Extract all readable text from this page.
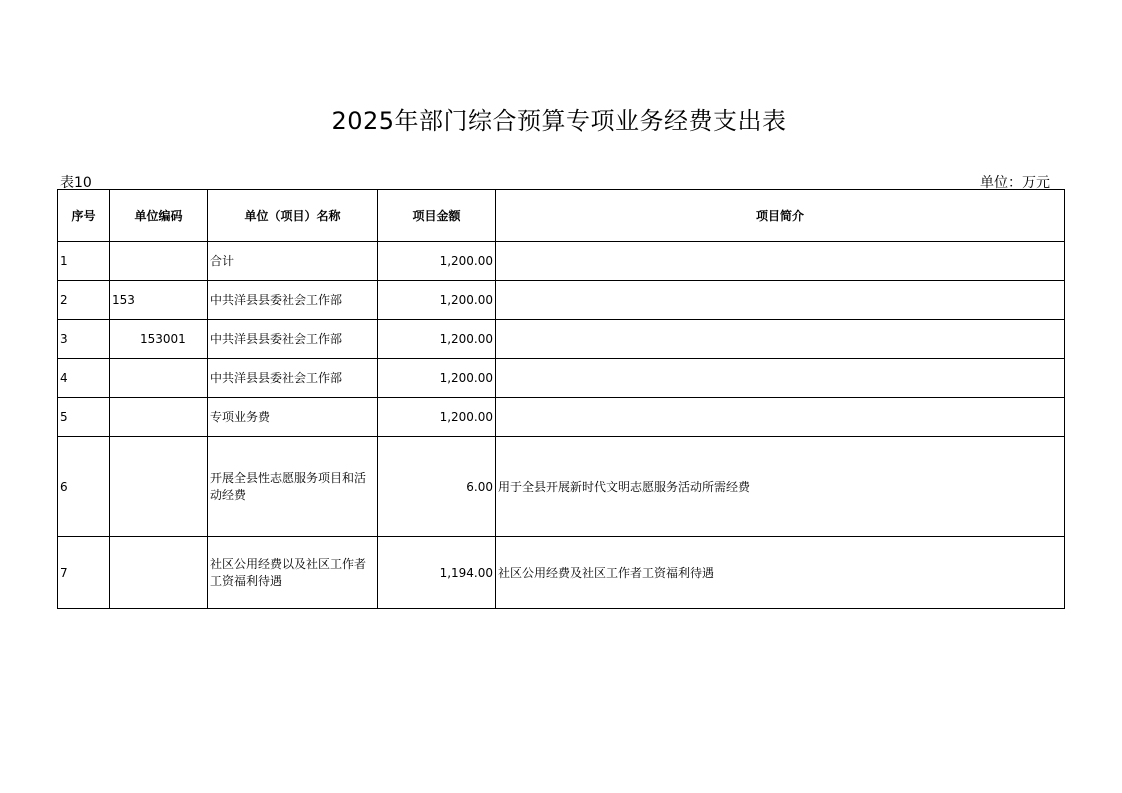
2025年部门综合预算专项业务经费支出表
表10	单位：万元
序号	单位编码	单位（项目）名称	项目金额	项目简介
1		合计	1,200.00	
2	153	中共洋县县委社会工作部	1,200.00	
3	153001	中共洋县县委社会工作部	1,200.00	
4		中共洋县县委社会工作部	1,200.00	
5		专项业务费	1,200.00	
6		开展全县性志愿服务项目和活动经费	6.00	用于全县开展新时代文明志愿服务活动所需经费
7		社区公用经费以及社区工作者工资福利待遇	1,194.00	社区公用经费及社区工作者工资福利待遇
